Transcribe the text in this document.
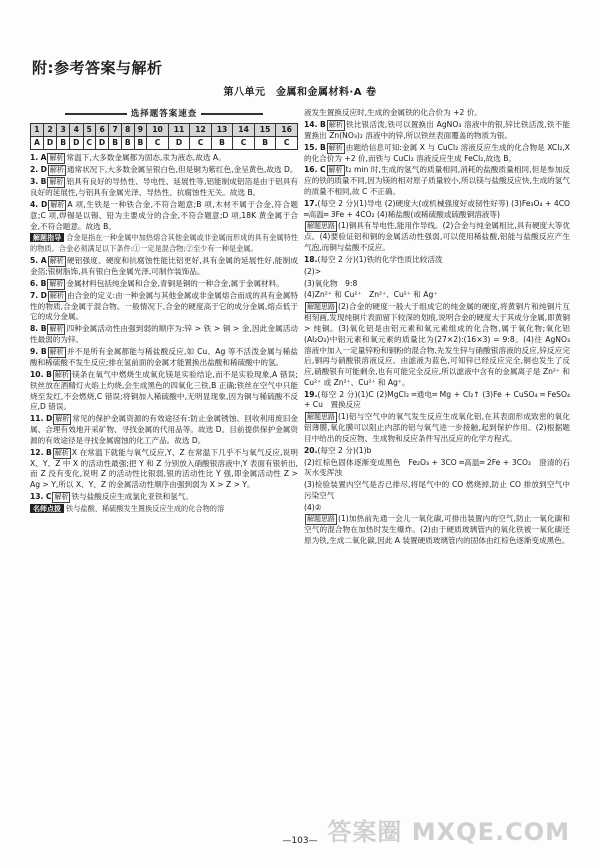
附:参考答案与解析
第八单元　金属和金属材料·A 卷
选择题答案速查
1	2	3	4	5	6	7	8	9	10	11	12	13	14	15	16
A	D	B	D	C	D	B	B	B	C	D	C	B	C	B	C
1. A 解析 常温下,大多数金属都为固态,汞为液态,故选 A。
2. D 解析 通常状况下,大多数金属呈银白色,但是铜为紫红色,金呈黄色,故选 D。
3. B 解析 铝具有良好的导热性、导电性、延展性等,铝能制成铝箔是由于铝具有良好的延展性,与铝具有金属光泽、导热性、抗腐蚀性无关。故选 B。
4. D 解析 A 项,生铁是一种铁合金,不符合题意;B 项,木材不属于合金,符合题意;C 项,焊锡是以锡、铅为主要成分的合金,不符合题意;D 项,18K 黄金属于合金,不符合题意。故选 B。
解题指导 合金是指在一种金属中加热熔合其他金属或非金属而形成的具有金属特性的物质。合金必须满足以下条件:①一定是混合物;②至少有一种是金属。
5. A 解析 硬铝强度、硬度和抗腐蚀性能比铝更好,具有金属的延展性好,能制成金箔;银树脂饰,具有银白色金属光泽,可制作装饰品。
6. B 解析 金属材料包括纯金属和合金,青铜是铜的一种合金,属于金属材料。
7. D 解析 由合金的定义:由一种金属与其他金属或非金属熔合而成的具有金属特性的物质,合金属于混合物。一般情况下,合金的硬度高于它的成分金属,熔点低于它的成分金属。
8. B 解析 四种金属活动性由强到弱的顺序为:锌 > 铁 > 铜 > 金,因此金属活动性最弱的为锌。
9. B 解析 并不是所有金属都能与稀盐酸反应,如 Cu、Ag 等不活泼金属与稀盐酸和稀硫酸不发生反应;排在氢前面的金属才能置换出盐酸和稀硫酸中的氢。
10. B 解析 镁条在氧气中燃烧生成氧化镁是实验结论,而不是实验现象,A 错误;铁丝放在酒精灯火焰上灼烧,会生成黑色的四氧化三铁,B 正确;铁丝在空气中只能烧至发红,不会燃烧,C 错误;将铜加入稀硫酸中,无明显现象,因为铜与稀硫酸不反应,D 错误。
11. D 解析 常见的保护金属资源的有效途径有:防止金属锈蚀、回收利用废旧金属、合理有效地开采矿物、寻找金属的代用品等。故选 D。目前提供保护金属资源的有效途径是寻找金属腐蚀的化工产品。故选 D。
12. B 解析 X 在常温下就能与氧气反应,Y、Z 在常温下几乎不与氧气反应,说明 X、Y、Z 中 X 的活动性最强;把 Y 和 Z 分别放入硝酸银溶液中,Y 表面有银析出,而 Z 没有变化,说明 Z 的活动性比银弱,银的活动性比 Y 强,即金属活动性 Z > Ag > Y,所以 X、Y、Z 的金属活动性顺序由强到弱为 X > Z > Y。
13. C 解析 铁与盐酸反应生成氯化亚铁和氢气。
名师点拨 铁与盐酸、稀硫酸发生置换反应生成的化合物的溶
液发生置换反应时,生成的金属铁的化合价为 +2 价。
14. B 解析 铁比银活泼,铁可以置换出 AgNO₃ 溶液中的银,锌比铁活泼,铁不能置换出 Zn(NO₃)₂ 溶液中的锌,所以铁丝表面覆盖的物质为银。
15. B 解析 由题给信息可知:金属 X 与 CuCl₂ 溶液反应生成的化合物是 XCl₂,X 的化合价为 +2 价,而铁与 CuCl₂ 溶液反应生成 FeCl₂,故选 B。
16. C 解析 t₂ min 时,生成的氢气的质量相同,消耗的盐酸质量相同,但是参加反应的铁的质量不同,因为镁的相对原子质量较小,所以镁与盐酸反应快,生成的氢气的质量不相同,故 C 不正确。
17.(每空 2 分)(1)导电 (2)硬度大(或机械强度好或韧性好等) (3)Fe₃O₄ + 4CO ═高温═ 3Fe + 4CO₂ (4)稀盐酸(或稀硫酸或硫酸铜溶液等)
解题思路 (1)铜具有导电性,能用作导线。(2)合金与纯金属相比,具有硬度大等优点。(4)要验证铝和铜的金属活动性强弱,可以使用稀盐酸,铝能与盐酸反应产生气泡,而铜与盐酸不反应。
18.(每空 2 分)(1)铁的化学性质比较活泼
(2)>
(3)氧化物　9:8
(4)Zn²⁺ 和 Cu²⁺　Zn²⁺、Cu²⁺ 和 Ag⁺
解题思路 (2)合金的硬度一般大于组成它的纯金属的硬度,将黄铜片和纯铜片互相刻画,发现纯铜片表面留下较深的划痕,说明合金的硬度大于其成分金属,即黄铜 > 纯铜。(3)氧化铝是由铝元素和氧元素组成的化合物,属于氧化物;氧化铝(Al₂O₃)中铝元素和氧元素的质量比为(27×2):(16×3) = 9:8。(4)往 AgNO₃ 溶液中加入一定量锌粉和铜粉的混合物,先发生锌与硝酸银溶液的反应,锌反应完后,铜再与硝酸银溶液反应。由滤液为蓝色,可知锌已经反应完全,铜也发生了反应,硝酸银有可能剩余,也有可能完全反应,所以滤液中含有的金属离子是 Zn²⁺ 和 Cu²⁺ 或 Zn²⁺、Cu²⁺ 和 Ag⁺。
19.(每空 2 分)(1)C (2)MgCl₂ ═通电═ Mg + Cl₂↑ (3)Fe + CuSO₄ ═ FeSO₄ + Cu　置换反应
解题思路 (1)铝与空气中的氧气发生反应生成氧化铝,在其表面形成致密的氧化铝薄膜,氧化膜可以阻止内部的铝与氧气进一步接触,起到保护作用。(2)根据题目中给出的反应物、生成物和反应条件写出反应的化学方程式。
20.(每空 2 分)(1)b
(2)红棕色固体逐渐变成黑色　Fe₂O₃ + 3CO ═高温═ 2Fe + 3CO₂　澄清的石灰水变浑浊
(3)检验装置内空气是否已排尽,将尾气中的 CO 燃烧掉,防止 CO 排放到空气中污染空气
(4)②
解题思路 (1)加热前先通一会儿一氧化碳,可排出装置内的空气,防止一氧化碳和空气的混合物在加热时发生爆炸。(2)由于硬质玻璃管内的氧化铁被一氧化碳还原为铁,生成二氧化碳,因此 A 装置硬质玻璃管内的固体由红棕色逐渐变成黑色。
—103— 答案圈 MXQE.COM
